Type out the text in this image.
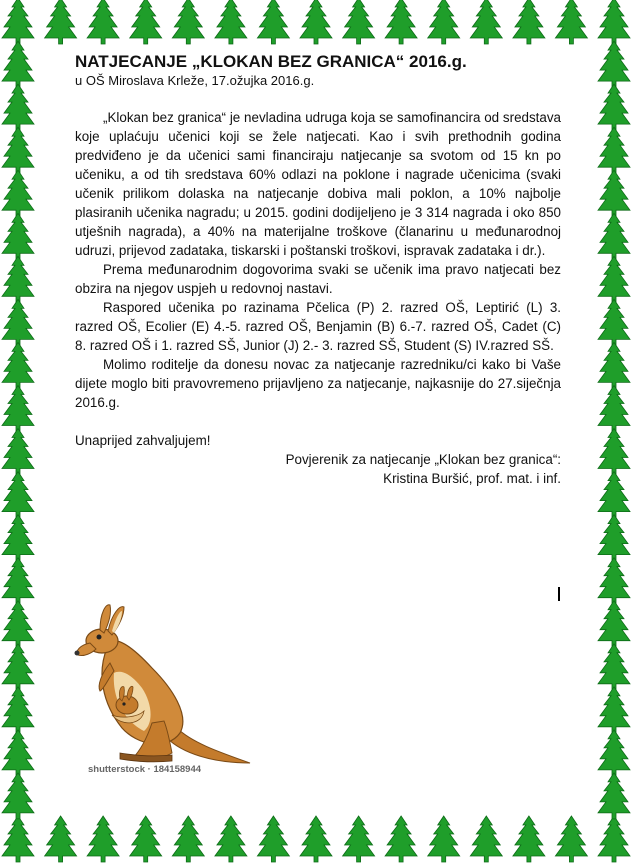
NATJECANJE „KLOKAN BEZ GRANICA“ 2016.g.

u OŠ Miroslava Krleže, 17.ožujka 2016.g.

„Klokan bez granica“ je nevladina udruga koja se samofinancira od sredstava koje uplaćuju učenici koji se žele natjecati. Kao i svih prethodnih godina predviđeno je da učenici sami financiraju natjecanje sa svotom od 15 kn po učeniku, a od tih sredstava 60% odlazi na poklone i nagrade učenicima (svaki učenik prilikom dolaska na natjecanje dobiva mali poklon, a 10% najbolje plasiranih učenika nagradu; u 2015. godini dodijeljeno je 3 314 nagrada i oko 850 utješnih nagrada), a 40% na materijalne troškove (članarinu u međunarodnoj udruzi, prijevod zadataka, tiskarski i poštanski troškovi, ispravak zadataka i dr.).

Prema međunarodnim dogovorima svaki se učenik ima pravo natjecati bez obzira na njegov uspjeh u redovnoj nastavi.

Raspored učenika po razinama Pčelica (P) 2. razred OŠ, Leptirić (L) 3. razred OŠ, Ecolier (E) 4.-5. razred OŠ, Benjamin (B) 6.-7. razred OŠ, Cadet (C) 8. razred OŠ i 1. razred SŠ, Junior (J) 2.- 3. razred SŠ, Student (S) IV.razred SŠ.

Molimo roditelje da donesu novac za natjecanje razredniku/ci kako bi Vaše dijete moglo biti pravovremeno prijavljeno za natjecanje, najkasnije do 27.siječnja 2016.g.

Unaprijed zahvaljujem!

Povjerenik za natjecanje „Klokan bez granica“:

Kristina Buršić, prof. mat. i inf.

shutterstock · 184158944
